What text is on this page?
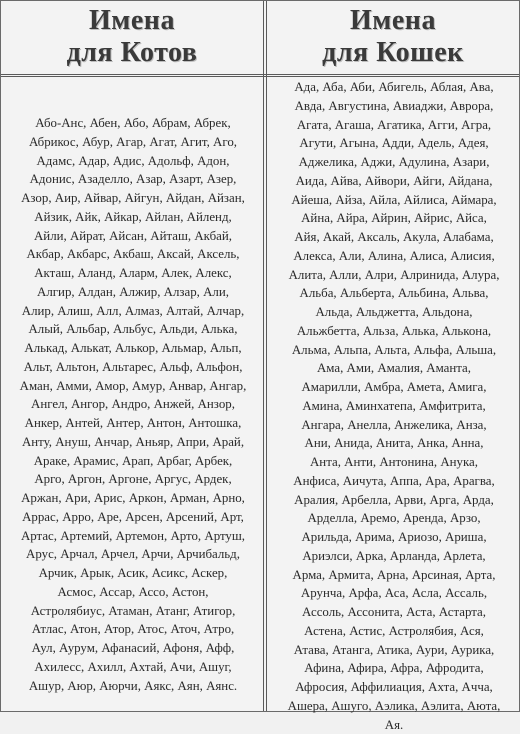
Имена
для Котов
Имена
для Кошек
Або-Анс, Абен, Або, Абрам, Абрек,
Абрикос, Абур, Агар, Агат, Агит, Аго,
Адамс, Адар, Адис, Адольф, Адон,
Адонис, Азаделло, Азар, Азарт, Азер,
Азор, Аир, Айвар, Айгун, Айдан, Айзан,
Айзик, Айк, Айкар, Айлан, Айленд,
Айли, Айрат, Айсан, Айташ, Акбай,
Акбар, Акбарс, Акбаш, Аксай, Аксель,
Акташ, Аланд, Аларм, Алек, Алекс,
Алгир, Алдан, Алжир, Алзар, Али,
Алир, Алиш, Алл, Алмаз, Алтай, Алчар,
Алый, Альбар, Альбус, Альди, Алька,
Алькад, Алькат, Алькор, Альмар, Альп,
Альт, Альтон, Альтарес, Альф, Альфон,
Аман, Амми, Амор, Амур, Анвар, Ангар,
Ангел, Ангор, Андро, Анжей, Анзор,
Анкер, Антей, Антер, Антон, Антошка,
Анту, Ануш, Анчар, Аньяр, Апри, Арай,
Араке, Арамис, Арап, Арбаг, Арбек,
Арго, Аргон, Аргоне, Аргус, Ардек,
Аржан, Ари, Арис, Аркон, Арман, Арно,
Аррас, Арро, Аре, Арсен, Арсений, Арт,
Артас, Артемий, Артемон, Арто, Артуш,
Арус, Арчал, Арчел, Арчи, Арчибальд,
Арчик, Арык, Асик, Асикс, Аскер,
Асмос, Ассар, Ассо, Астон,
Астролябиус, Атаман, Атанг, Атигор,
Атлас, Атон, Атор, Атос, Аточ, Атро,
Аул, Аурум, Афанасий, Афоня, Афф,
Ахилесс, Ахилл, Ахтай, Ачи, Ашуг,
Ашур, Аюр, Аюрчи, Аякс, Аян, Аянс.
Ада, Аба, Аби, Абигель, Аблая, Ава,
Авда, Августина, Авиаджи, Аврора,
Агата, Агаша, Агатика, Агги, Агра,
Агути, Агына, Адди, Адель, Адея,
Аджелика, Аджи, Адулина, Азари,
Аида, Айва, Айвори, Айги, Айдана,
Айеша, Айза, Айла, Айлиса, Аймара,
Айна, Айра, Айрин, Айрис, Айса,
Айя, Акай, Аксаль, Акула, Алабама,
Алекса, Али, Алина, Алиса, Алисия,
Алита, Алли, Алри, Алринида, Алура,
Альба, Альберта, Альбина, Альва,
Альда, Альджетта, Альдона,
Альжбетта, Альза, Алька, Альконa,
Альма, Альпа, Альта, Альфа, Альша,
Ама, Ами, Амалия, Аманта,
Амарилли, Амбра, Амета, Амига,
Амина, Аминхатепа, Амфитрита,
Ангара, Анелла, Анжелика, Анза,
Ани, Анида, Анита, Анка, Анна,
Анта, Анти, Антонина, Анука,
Анфиса, Аичута, Аппа, Ара, Арагва,
Аралия, Арбелла, Арви, Арга, Арда,
Арделла, Аремо, Аренда, Арзо,
Арильда, Арима, Ариозо, Ариша,
Ариэлси, Арка, Арланда, Арлета,
Арма, Армита, Арна, Арсиная, Арта,
Арунча, Арфа, Аса, Асла, Ассаль,
Ассоль, Ассонита, Аста, Астарта,
Астена, Астис, Астролябия, Ася,
Атава, Атанга, Атика, Аури, Аурика,
Афина, Афира, Афра, Афродита,
Афросия, Аффилиация, Ахта, Ачча,
Ашера, Ашуго, Аэлика, Аэлита, Аюта,
Ая.
